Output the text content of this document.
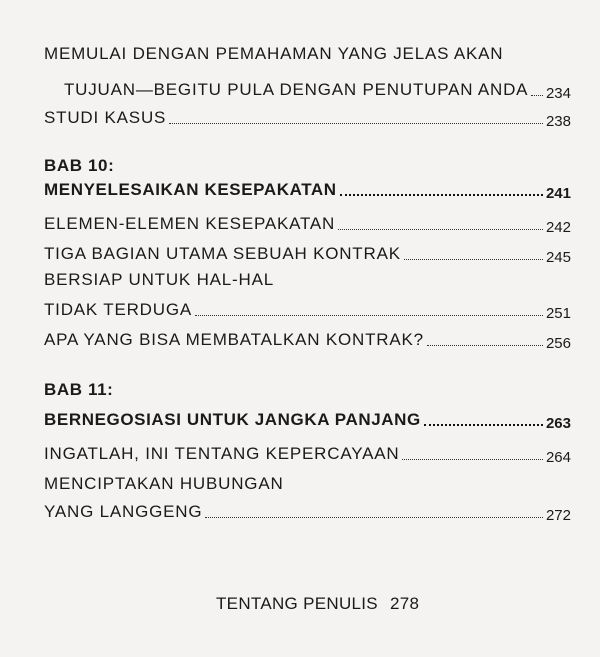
MEMULAI DENGAN PEMAHAMAN YANG JELAS AKAN
TUJUAN—BEGITU PULA DENGAN PENUTUPAN ANDA 234
STUDI KASUS	238
BAB 10:
MENYELESAIKAN KESEPAKATAN	241
ELEMEN-ELEMEN KESEPAKATAN	242
TIGA BAGIAN UTAMA SEBUAH KONTRAK	245
BERSIAP UNTUK HAL-HAL
TIDAK TERDUGA	251
APA YANG BISA MEMBATALKAN KONTRAK?	256
BAB 11:
BERNEGOSIASI UNTUK JANGKA PANJANG	263
INGATLAH, INI TENTANG KEPERCAYAAN	264
MENCIPTAKAN HUBUNGAN
YANG LANGGENG	272
TENTANG PENULIS 278
